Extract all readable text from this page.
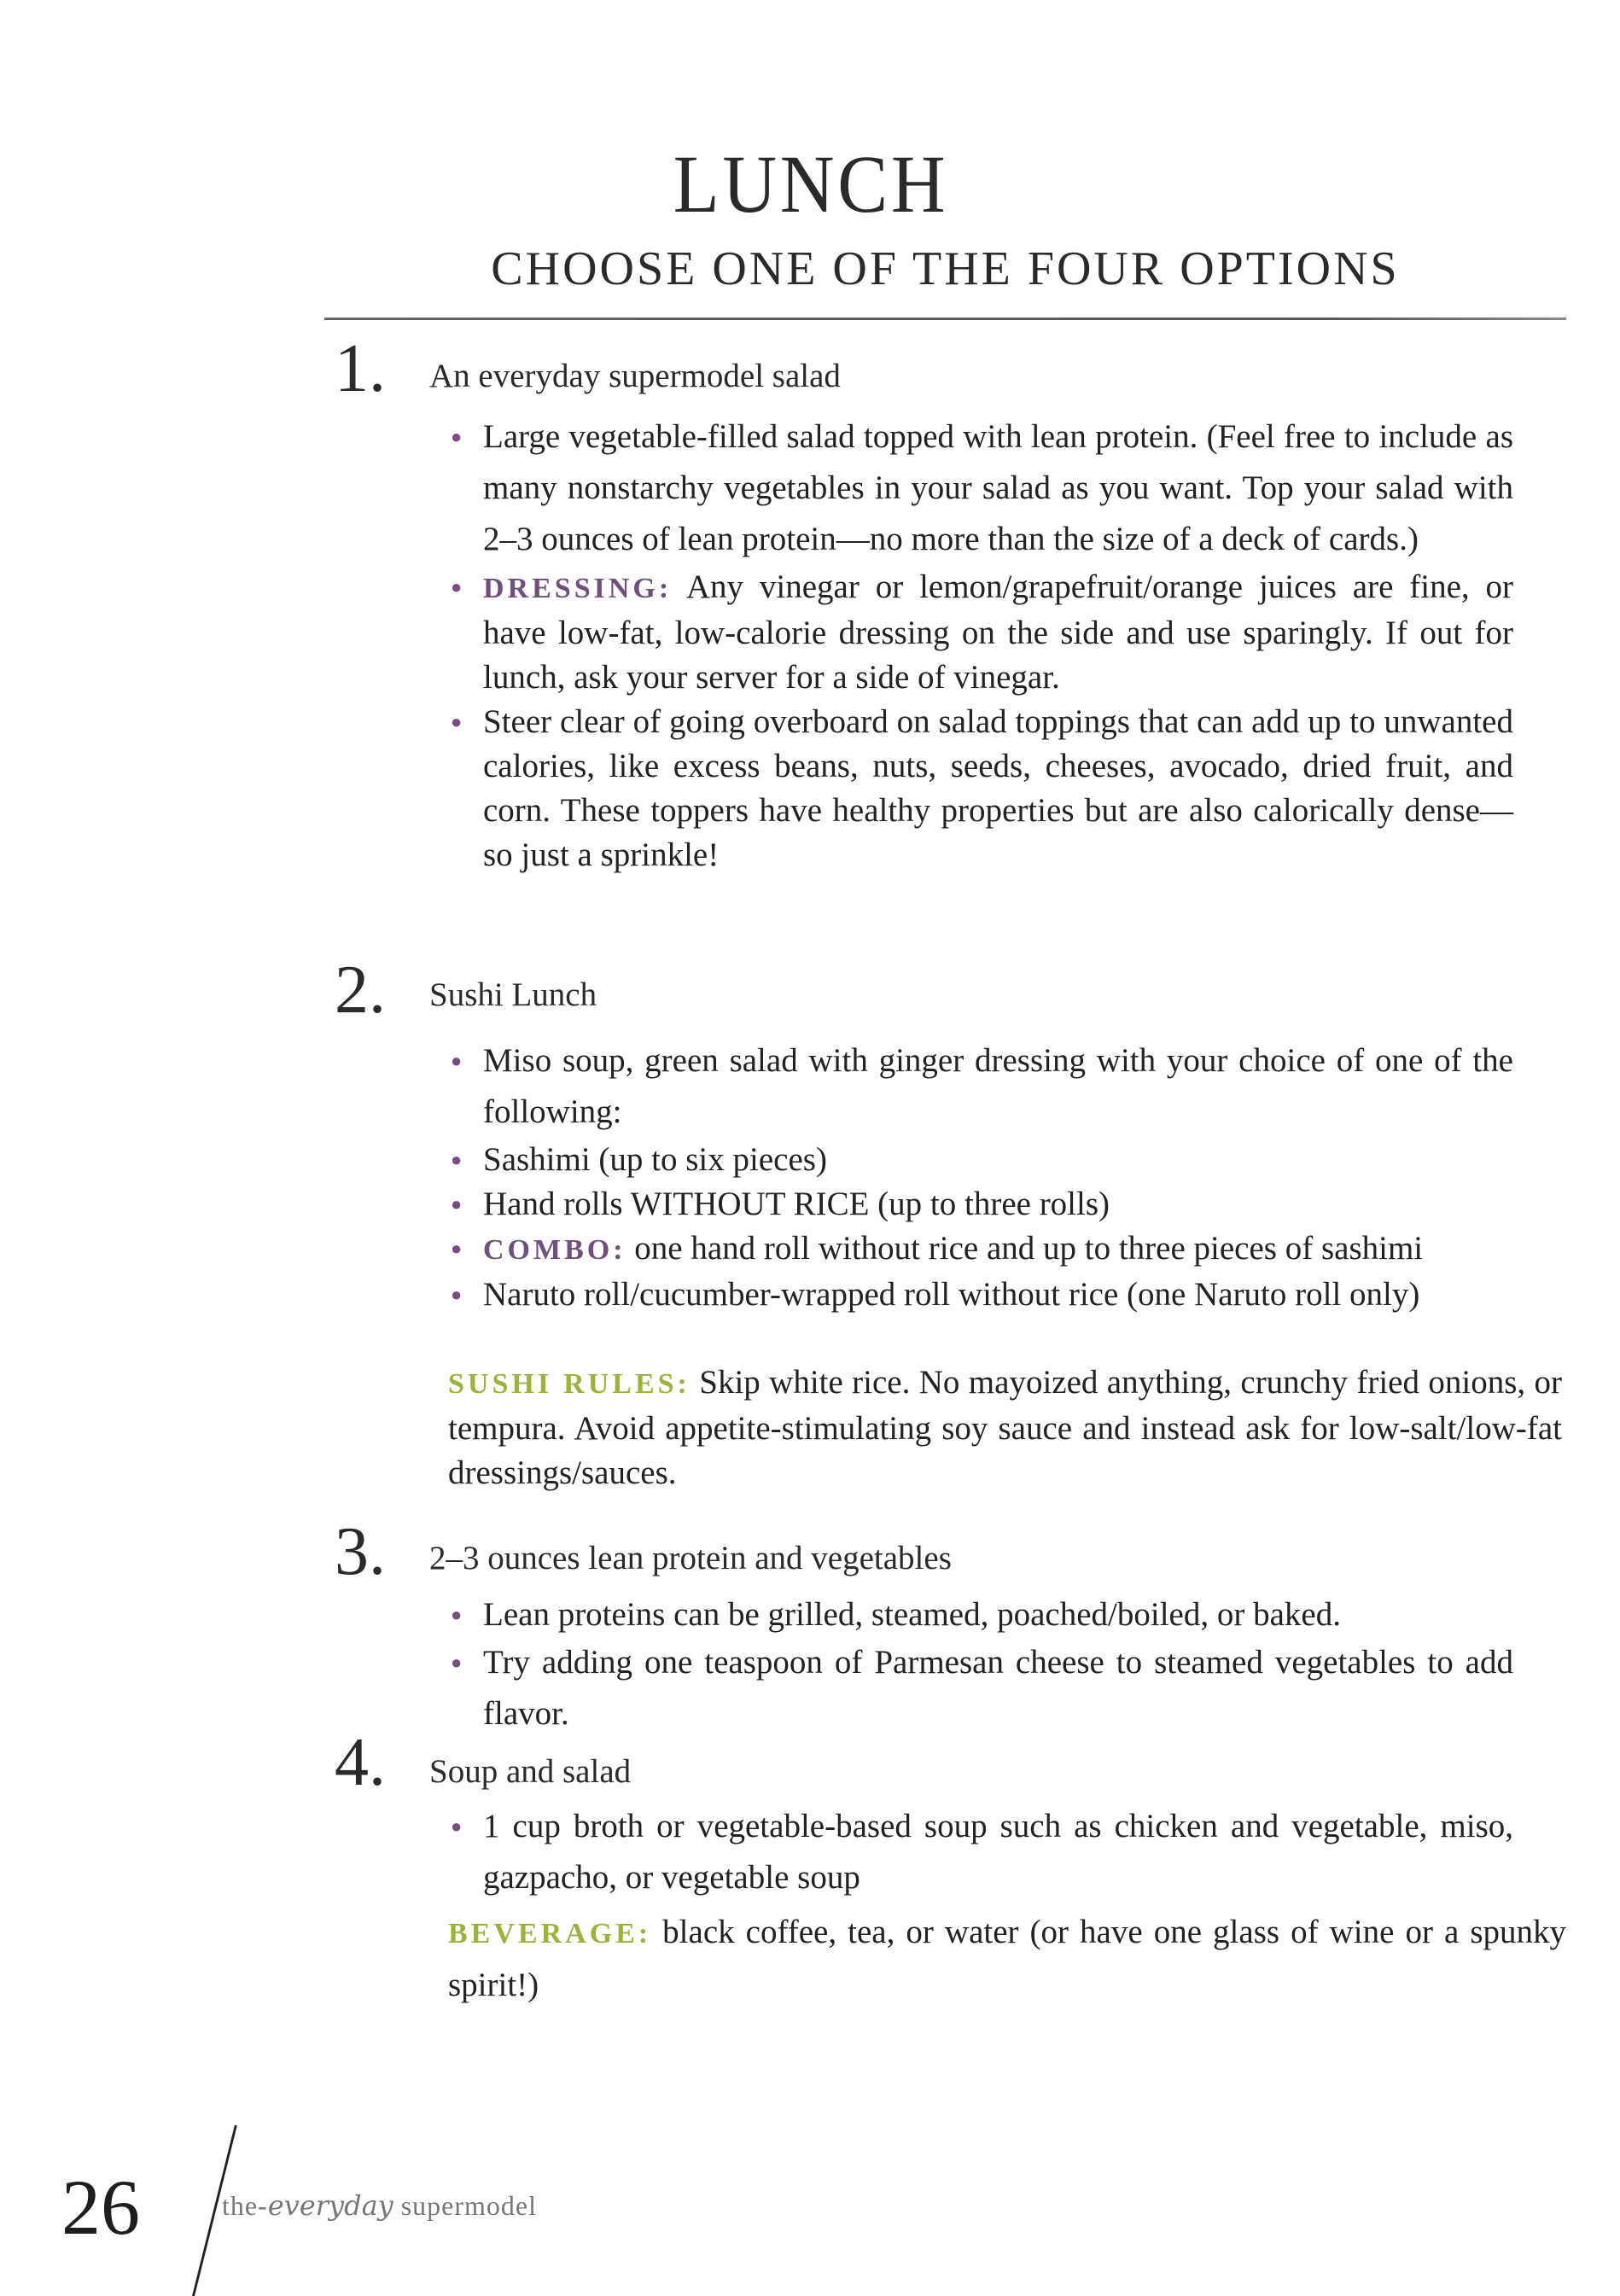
LUNCH
CHOOSE ONE OF THE FOUR OPTIONS
1. An everyday supermodel salad
● Large vegetable-filled salad topped with lean protein. (Feel free to include as many nonstarchy vegetables in your salad as you want. Top your salad with 2–3 ounces of lean protein—no more than the size of a deck of cards.)
● DRESSING: Any vinegar or lemon/grapefruit/orange juices are fine, or have low-fat, low-calorie dressing on the side and use sparingly. If out for lunch, ask your server for a side of vinegar.
● Steer clear of going overboard on salad toppings that can add up to unwanted calories, like excess beans, nuts, seeds, cheeses, avocado, dried fruit, and corn. These toppers have healthy properties but are also calorically dense—so just a sprinkle!
2. Sushi Lunch
● Miso soup, green salad with ginger dressing with your choice of one of the following:
● Sashimi (up to six pieces)
● Hand rolls WITHOUT RICE (up to three rolls)
● COMBO: one hand roll without rice and up to three pieces of sashimi
● Naruto roll/cucumber-wrapped roll without rice (one Naruto roll only)
SUSHI RULES: Skip white rice. No mayoized anything, crunchy fried onions, or tempura. Avoid appetite-stimulating soy sauce and instead ask for low-salt/low-fat dressings/sauces.
3. 2–3 ounces lean protein and vegetables
● Lean proteins can be grilled, steamed, poached/boiled, or baked.
● Try adding one teaspoon of Parmesan cheese to steamed vegetables to add flavor.
4. Soup and salad
● 1 cup broth or vegetable-based soup such as chicken and vegetable, miso, gazpacho, or vegetable soup
BEVERAGE: black coffee, tea, or water (or have one glass of wine or a spunky spirit!)
26	the-everyday supermodel
